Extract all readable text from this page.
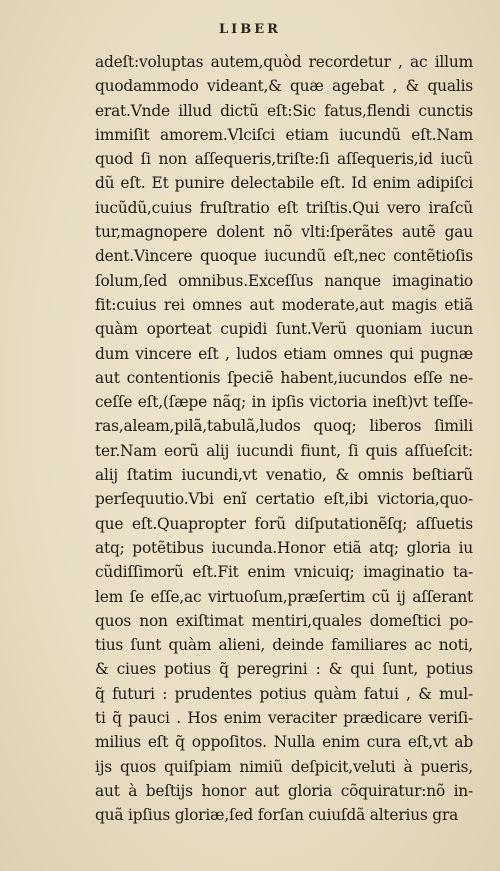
LIBER
adeſt:voluptas autem,quòd recordetur , ac illum
quodammodo videant,& quæ agebat , & qualis
erat.Vnde illud dictũ eſt:Sic fatus,flendi cunctis
immiſit amorem.Vlciſci etiam iucundũ eſt.Nam
quod ſi non aſſequeris,triſte:ſi aſſequeris,id iucũ
dũ eſt. Et punire delectabile eſt. Id enim adipiſci
iucũdũ,cuius fruſtratio eſt triſtis.Qui vero iraſcũ
tur,magnopere dolent nõ vlti:ſperãtes autẽ gau
dent.Vincere quoque iucundũ eſt,nec contẽtioſis
ſolum,ſed omnibus.Exceſſus nanque imaginatio
fit:cuius rei omnes aut moderate,aut magis etiã
quàm oporteat cupidi ſunt.Verũ quoniam iucun
dum vincere eſt , ludos etiam omnes qui pugnæ
aut contentionis ſpeciẽ habent,iucundos eſſe ne-
ceſſe eſt,(ſæpe nãq; in ipſis victoria ineſt)vt teſſe-
ras,aleam,pilã,tabulã,ludos quoq; liberos ſimili
ter.Nam eorũ alij iucundi fiunt, ſi quis aſſueſcit:
alij ſtatim iucundi,vt venatio, & omnis beſtiarũ
perſequutio.Vbi enĩ certatio eſt,ibi victoria,quo-
que eſt.Quapropter forũ diſputationẽſq; aſſuetis
atq; potẽtibus iucunda.Honor etiã atq; gloria iu
cũdiſſimorũ eſt.Fit enim vnicuiq; imaginatio ta-
lem ſe eſſe,ac virtuoſum,præſertim cũ ij aſſerant
quos non exiſtimat mentiri,quales domeſtici po-
tius ſunt quàm alieni, deinde familiares ac noti,
& ciues potius q̃ peregrini : & qui ſunt, potius
q̃ futuri : prudentes potius quàm fatui , & mul-
ti q̃ pauci . Hos enim veraciter prædicare veriſi-
milius eſt q̃ oppoſitos. Nulla enim cura eſt,vt ab
ijs quos quiſpiam nimiũ deſpicit,veluti à pueris,
aut à beſtijs honor aut gloria cõquiratur:nõ in-
quã ipſius gloriæ,ſed forſan cuiuſdã alterius gra
